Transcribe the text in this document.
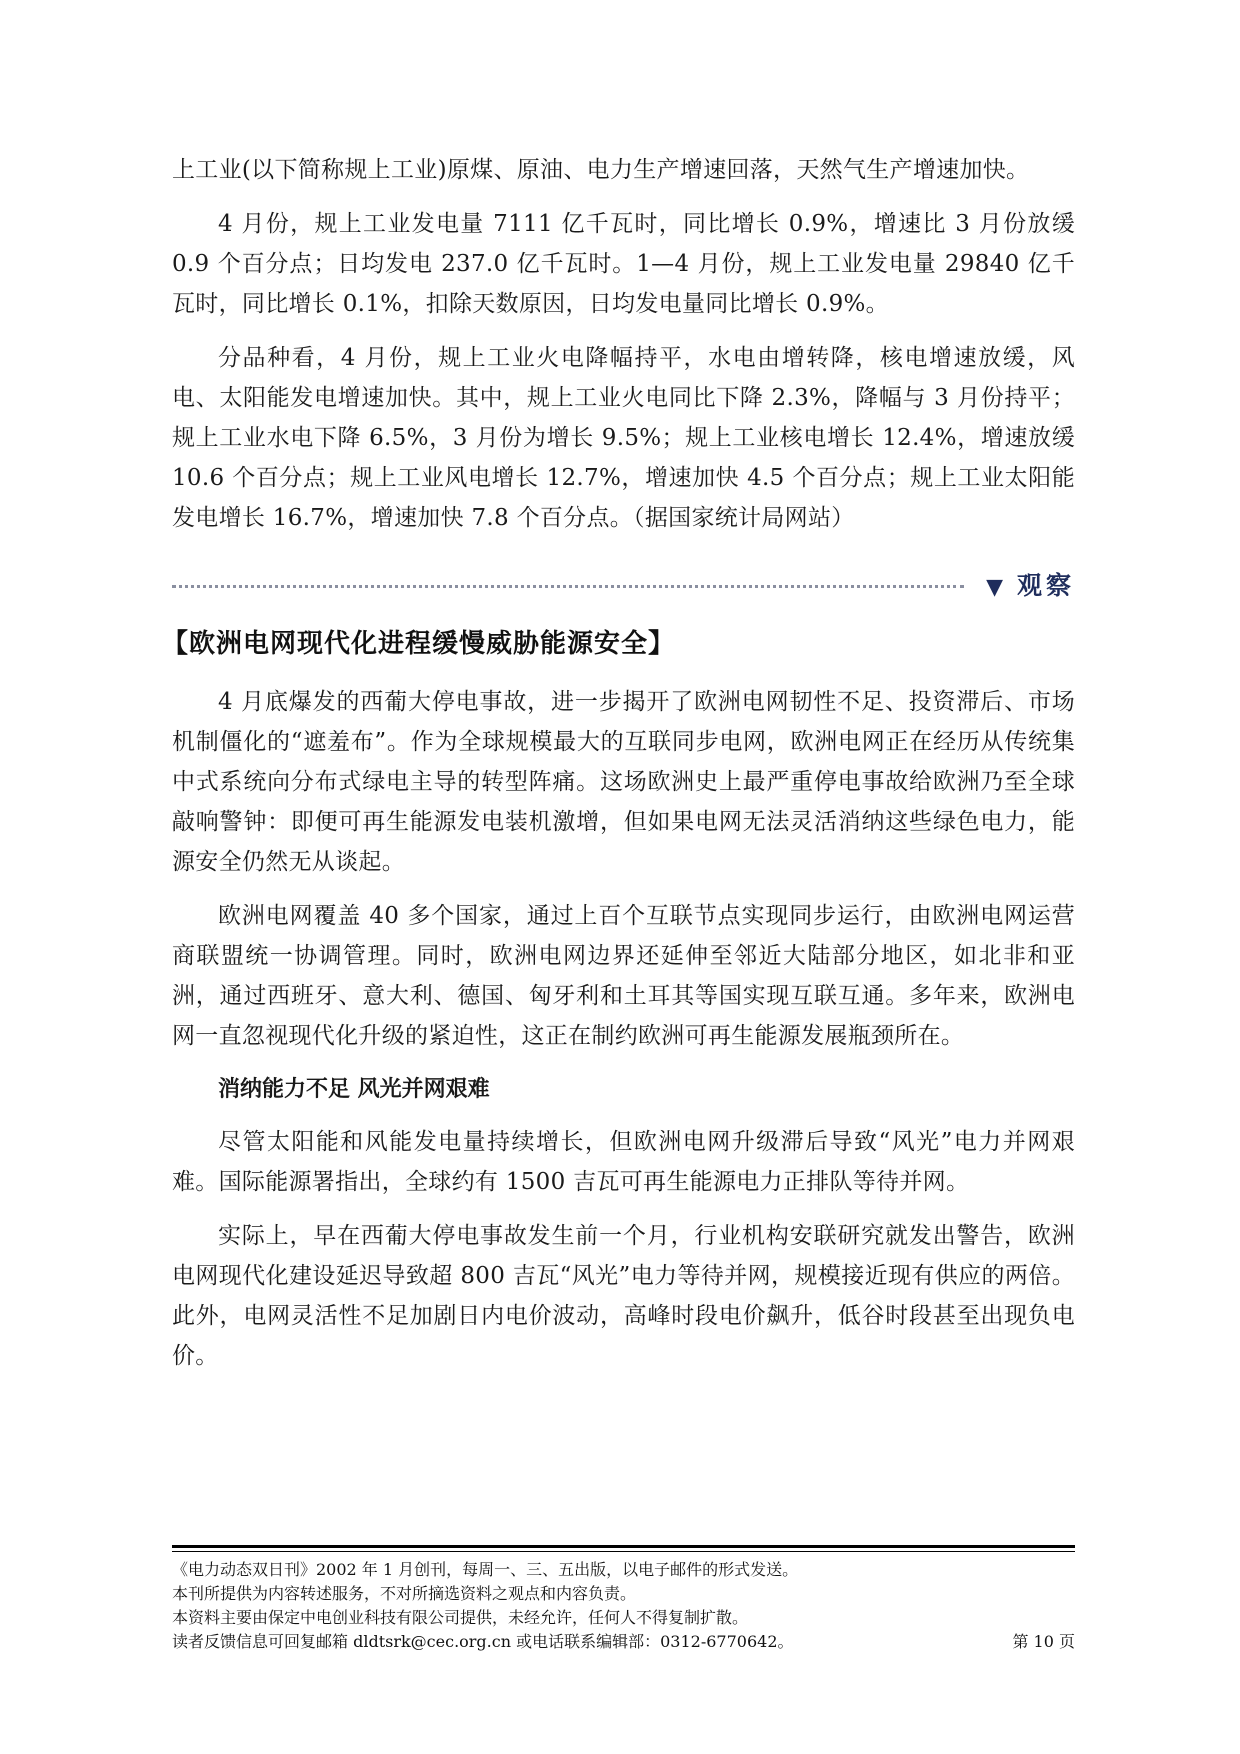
上工业(以下简称规上工业)原煤、原油、电力生产增速回落，天然气生产增速加快。

4 月份，规上工业发电量 7111 亿千瓦时，同比增长 0.9%，增速比 3 月份放缓 0.9 个百分点；日均发电 237.0 亿千瓦时。1—4 月份，规上工业发电量 29840 亿千瓦时，同比增长 0.1%，扣除天数原因，日均发电量同比增长 0.9%。

分品种看，4 月份，规上工业火电降幅持平，水电由增转降，核电增速放缓，风电、太阳能发电增速加快。其中，规上工业火电同比下降 2.3%，降幅与 3 月份持平；规上工业水电下降 6.5%，3 月份为增长 9.5%；规上工业核电增长 12.4%，增速放缓 10.6 个百分点；规上工业风电增长 12.7%，增速加快 4.5 个百分点；规上工业太阳能发电增长 16.7%，增速加快 7.8 个百分点。（据国家统计局网站）

▼ 观察
【欧洲电网现代化进程缓慢威胁能源安全】

4 月底爆发的西葡大停电事故，进一步揭开了欧洲电网韧性不足、投资滞后、市场机制僵化的“遮羞布”。作为全球规模最大的互联同步电网，欧洲电网正在经历从传统集中式系统向分布式绿电主导的转型阵痛。这场欧洲史上最严重停电事故给欧洲乃至全球敲响警钟：即便可再生能源发电装机激增，但如果电网无法灵活消纳这些绿色电力，能源安全仍然无从谈起。

欧洲电网覆盖 40 多个国家，通过上百个互联节点实现同步运行，由欧洲电网运营商联盟统一协调管理。同时，欧洲电网边界还延伸至邻近大陆部分地区，如北非和亚洲，通过西班牙、意大利、德国、匈牙利和土耳其等国实现互联互通。多年来，欧洲电网一直忽视现代化升级的紧迫性，这正在制约欧洲可再生能源发展瓶颈所在。

消纳能力不足 风光并网艰难

尽管太阳能和风能发电量持续增长，但欧洲电网升级滞后导致“风光”电力并网艰难。国际能源署指出，全球约有 1500 吉瓦可再生能源电力正排队等待并网。

实际上，早在西葡大停电事故发生前一个月，行业机构安联研究就发出警告，欧洲电网现代化建设延迟导致超 800 吉瓦“风光”电力等待并网，规模接近现有供应的两倍。此外，电网灵活性不足加剧日内电价波动，高峰时段电价飙升，低谷时段甚至出现负电价。

《电力动态双日刊》2002 年 1 月创刊，每周一、三、五出版，以电子邮件的形式发送。
本刊所提供为内容转述服务，不对所摘选资料之观点和内容负责。
本资料主要由保定中电创业科技有限公司提供，未经允许，任何人不得复制扩散。
读者反馈信息可回复邮箱 dldtsrk@cec.org.cn 或电话联系编辑部：0312-6770642。	第 10 页
